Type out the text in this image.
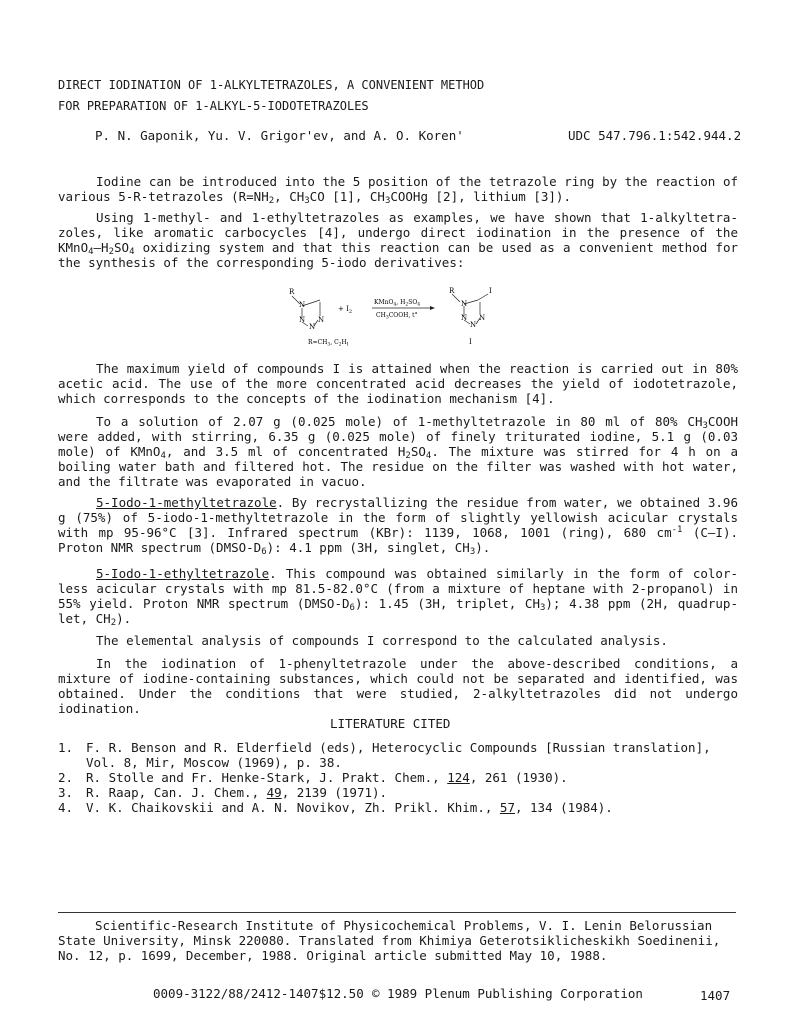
DIRECT IODINATION OF 1-ALKYLTETRAZOLES, A CONVENIENT METHOD
FOR PREPARATION OF 1-ALKYL-5-IODOTETRAZOLES
P. N. Gaponik, Yu. V. Grigor'ev, and A. O. Koren'	UDC 547.796.1:542.944.2
Iodine can be introduced into the 5 position of the tetrazole ring by the reaction of various 5-R-tetrazoles ($R=NH_2$, $CH_3CO$ [1], $CH_3COOHg$ [2], lithium [3]).
Using 1-methyl- and 1-ethyltetrazoles as examples, we have shown that 1-alkyltetra-zoles, like aromatic carbocycles [4], undergo direct iodination in the presence of the $KMnO_4-H_2SO_4$ oxidizing system and that this reaction can be used as a convenient method for the synthesis of the corresponding 5-iodo derivatives:
R
N
N
N
N
+ $I_2$
KMnO$_4$, $H_2SO_4$
$CH_3COOH$, t°
R	I
N
N
N
N
$R=CH_3$, $C_2H_I$	I
The maximum yield of compounds I is attained when the reaction is carried out in 80% acetic acid. The use of the more concentrated acid decreases the yield of iodotetrazole, which corresponds to the concepts of the iodination mechanism [4].
To a solution of 2.07 g (0.025 mole) of 1-methyltetrazole in 80 ml of 80% $CH_3COOH$ were added, with stirring, 6.35 g (0.025 mole) of finely triturated iodine, 5.1 g (0.03 mole) of KMnO$_4$, and 3.5 ml of concentrated $H_2SO_4$. The mixture was stirred for 4 h on a boiling water bath and filtered hot. The residue on the filter was washed with hot water, and the filtrate was evaporated in vacuo.
5-Iodo-1-methyltetrazole. By recrystallizing the residue from water, we obtained 3.96 g (75%) of 5-iodo-1-methyltetrazole in the form of slightly yellowish acicular crystals with mp 95-96°C [3]. Infrared spectrum (KBr): 1139, 1068, 1001 (ring), 680 $cm^{-1}$ (C–I). Proton NMR spectrum $(DMSO-D_6)$: 4.1 ppm (3H, singlet, $CH_3$).
5-Iodo-1-ethyltetrazole. This compound was obtained similarly in the form of color-less acicular crystals with mp 81.5-82.0°C (from a mixture of heptane with 2-propanol) in 55% yield. Proton NMR spectrum $(DMSO-D_6)$: 1.45 (3H, triplet, $CH_3$); 4.38 ppm (2H, quadrup-let, $CH_2$).
The elemental analysis of compounds I correspond to the calculated analysis.
In the iodination of 1-phenyltetrazole under the above-described conditions, a mixture of iodine-containing substances, which could not be separated and identified, was obtained. Under the conditions that were studied, 2-alkyltetrazoles did not undergo iodination.
LITERATURE CITED
1. F. R. Benson and R. Elderfield (eds), Heterocyclic Compounds [Russian translation],
Vol. 8, Mir, Moscow (1969), p. 38.
2. R. Stolle and Fr. Henke-Stark, J. Prakt. Chem., 124, 261 (1930).
3. R. Raap, Can. J. Chem., 49, 2139 (1971).
4. V. K. Chaikovskii and A. N. Novikov, Zh. Prikl. Khim., 57, 134 (1984).
Scientific-Research Institute of Physicochemical Problems, V. I. Lenin Belorussian
State University, Minsk 220080. Translated from Khimiya Geterotsiklicheskikh Soedinenii,
No. 12, p. 1699, December, 1988. Original article submitted May 10, 1988.
0009-3122/88/2412-1407$12.50 © 1989 Plenum Publishing Corporation	1407
